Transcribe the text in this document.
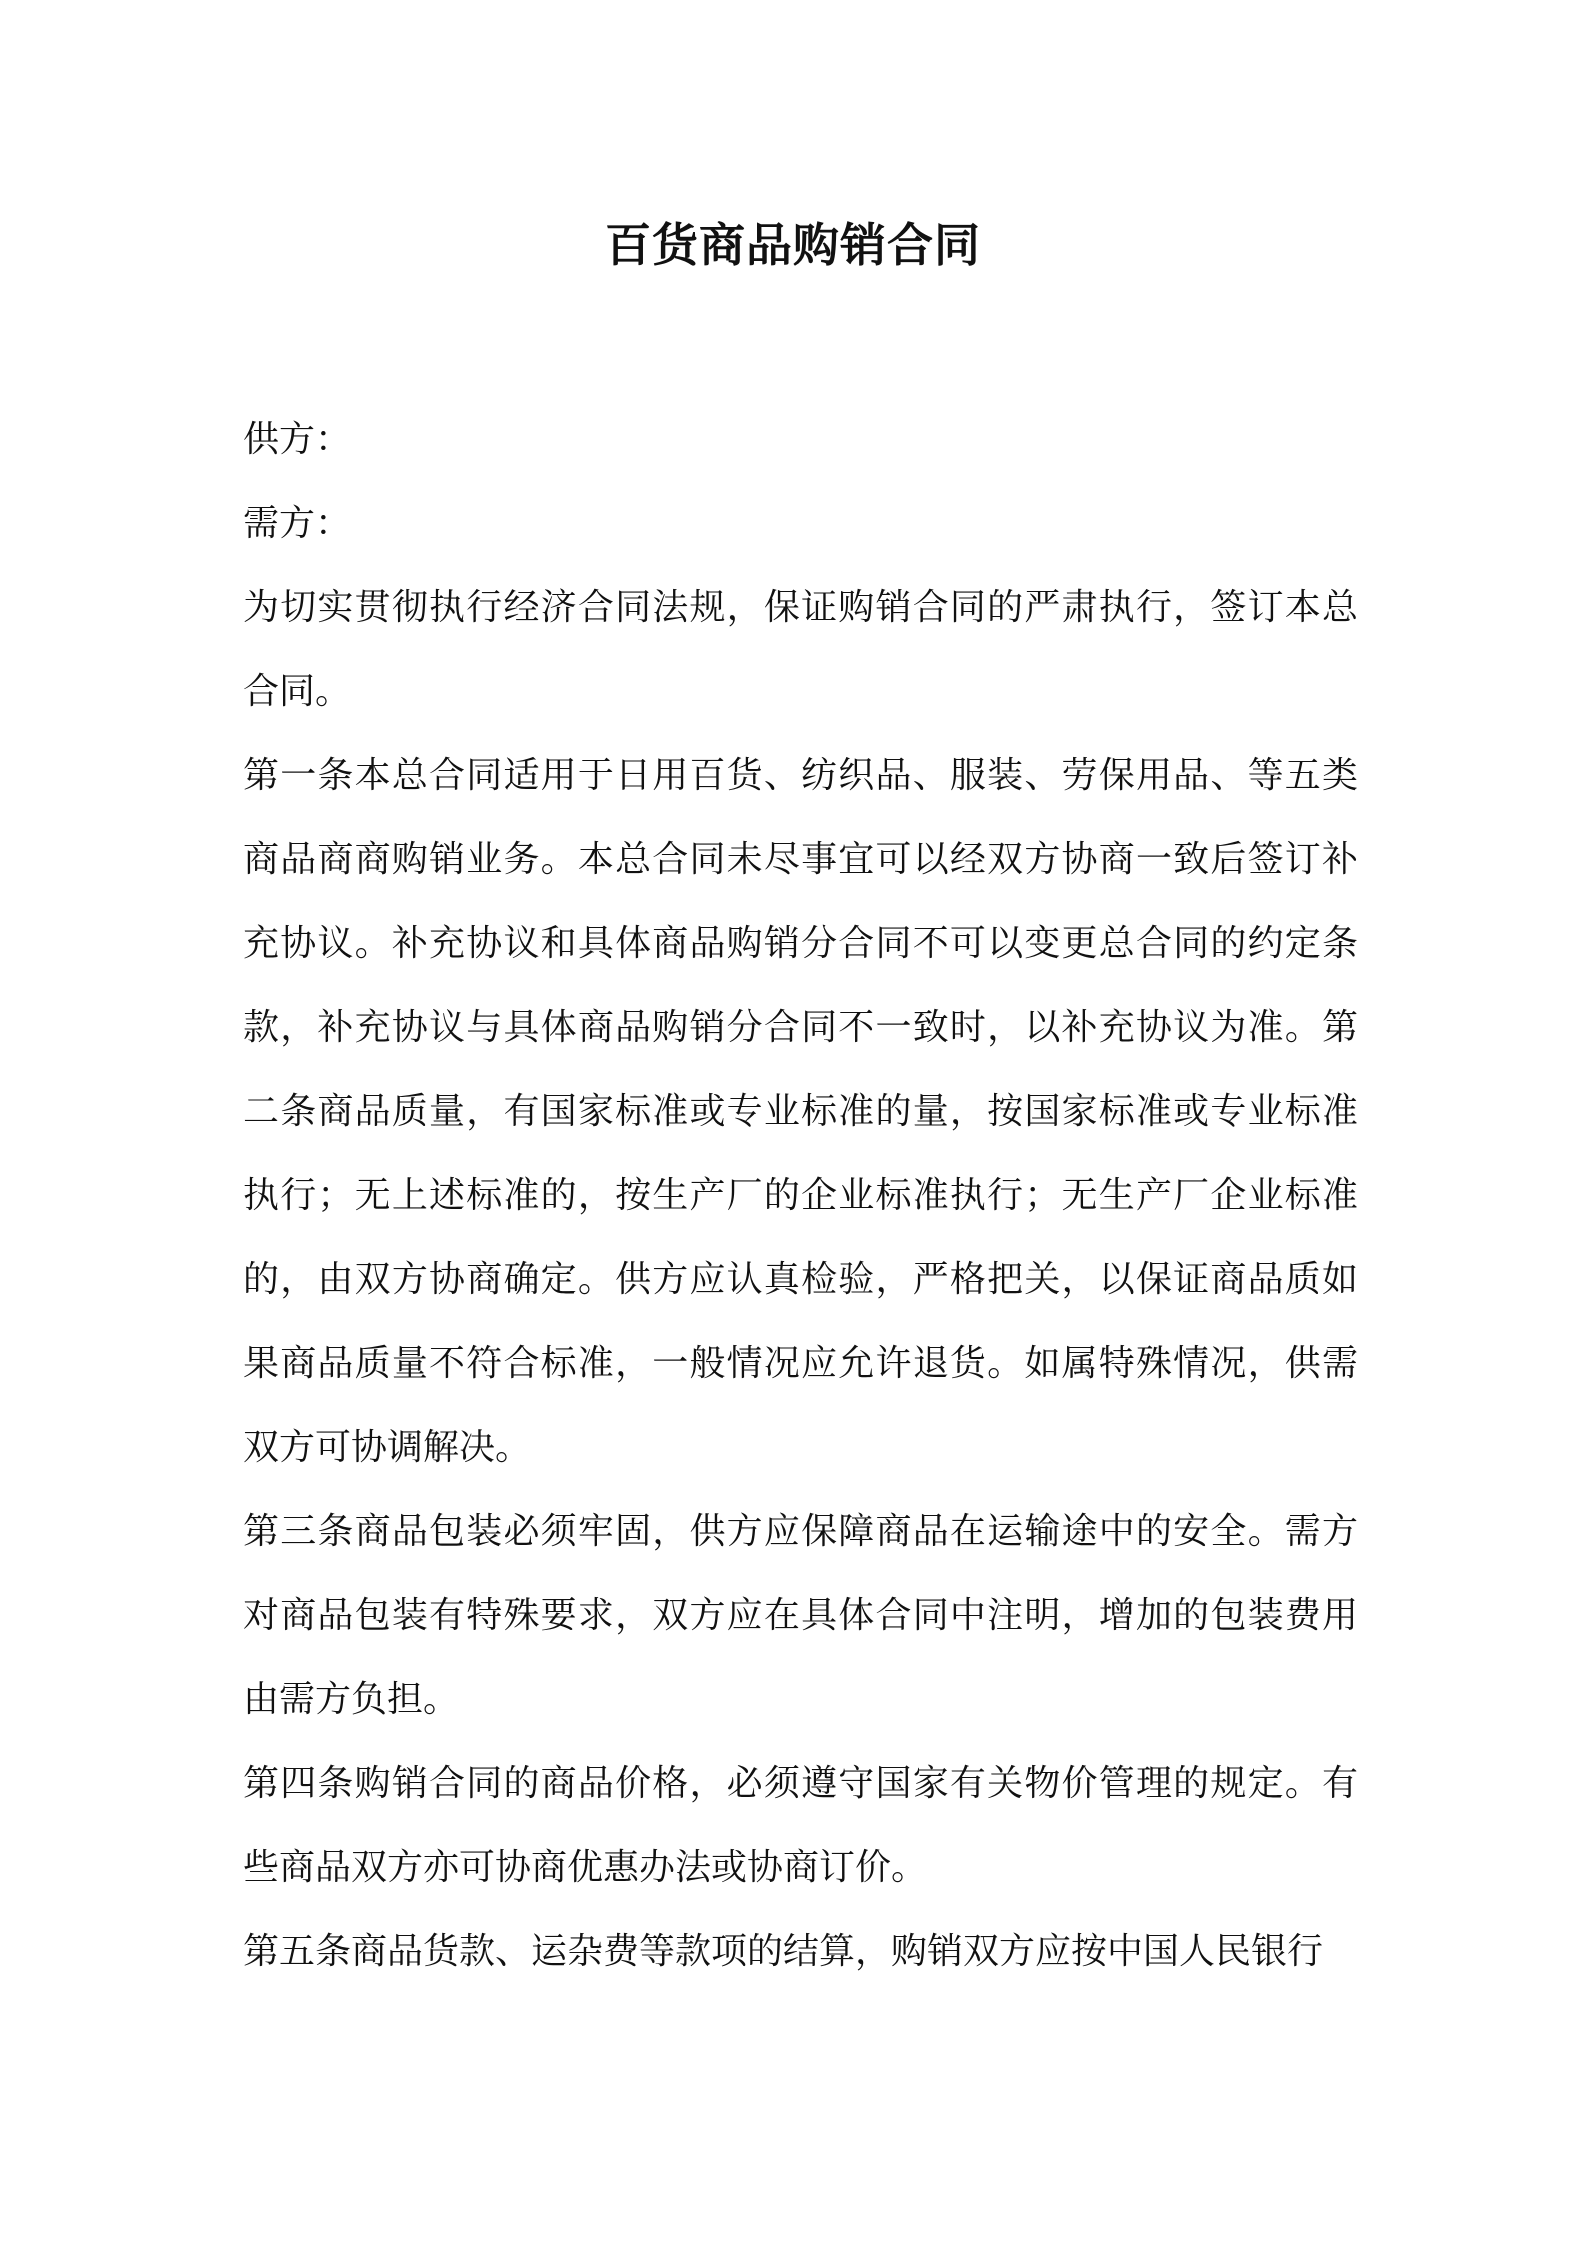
百货商品购销合同

供方：

需方：

为切实贯彻执行经济合同法规，保证购销合同的严肃执行，签订本总合同。

第一条本总合同适用于日用百货、纺织品、服装、劳保用品、等五类商品商商购销业务。本总合同未尽事宜可以经双方协商一致后签订补充协议。补充协议和具体商品购销分合同不可以变更总合同的约定条款，补充协议与具体商品购销分合同不一致时，以补充协议为准。第二条商品质量，有国家标准或专业标准的量，按国家标准或专业标准执行；无上述标准的，按生产厂的企业标准执行；无生产厂企业标准的，由双方协商确定。供方应认真检验，严格把关，以保证商品质如果商品质量不符合标准，一般情况应允许退货。如属特殊情况，供需双方可协调解决。

第三条商品包装必须牢固，供方应保障商品在运输途中的安全。需方对商品包装有特殊要求，双方应在具体合同中注明，增加的包装费用由需方负担。

第四条购销合同的商品价格，必须遵守国家有关物价管理的规定。有些商品双方亦可协商优惠办法或协商订价。

第五条商品货款、运杂费等款项的结算，购销双方应按中国人民银行
